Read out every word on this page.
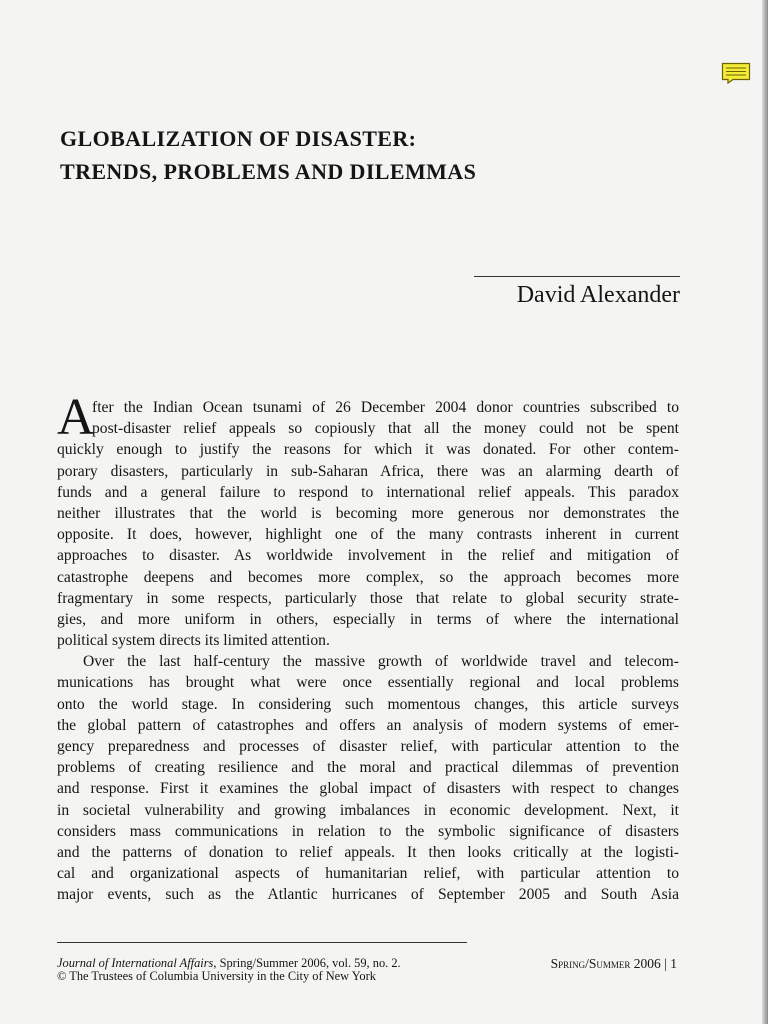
GLOBALIZATION OF DISASTER:
TRENDS, PROBLEMS AND DILEMMAS
David Alexander
A
fter the Indian Ocean tsunami of 26 December 2004 donor countries subscribed to
post-disaster relief appeals so copiously that all the money could not be spent
quickly enough to justify the reasons for which it was donated. For other contem-
porary disasters, particularly in sub-Saharan Africa, there was an alarming dearth of
funds and a general failure to respond to international relief appeals. This paradox
neither illustrates that the world is becoming more generous nor demonstrates the
opposite. It does, however, highlight one of the many contrasts inherent in current
approaches to disaster. As worldwide involvement in the relief and mitigation of
catastrophe deepens and becomes more complex, so the approach becomes more
fragmentary in some respects, particularly those that relate to global security strate-
gies, and more uniform in others, especially in terms of where the international
political system directs its limited attention.
Over the last half-century the massive growth of worldwide travel and telecom-
munications has brought what were once essentially regional and local problems
onto the world stage. In considering such momentous changes, this article surveys
the global pattern of catastrophes and offers an analysis of modern systems of emer-
gency preparedness and processes of disaster relief, with particular attention to the
problems of creating resilience and the moral and practical dilemmas of prevention
and response. First it examines the global impact of disasters with respect to changes
in societal vulnerability and growing imbalances in economic development. Next, it
considers mass communications in relation to the symbolic significance of disasters
and the patterns of donation to relief appeals. It then looks critically at the logisti-
cal and organizational aspects of humanitarian relief, with particular attention to
major events, such as the Atlantic hurricanes of September 2005 and South Asia
Journal of International Affairs, Spring/Summer 2006, vol. 59, no. 2.
© The Trustees of Columbia University in the City of New York
Spring/Summer 2006 | 1
